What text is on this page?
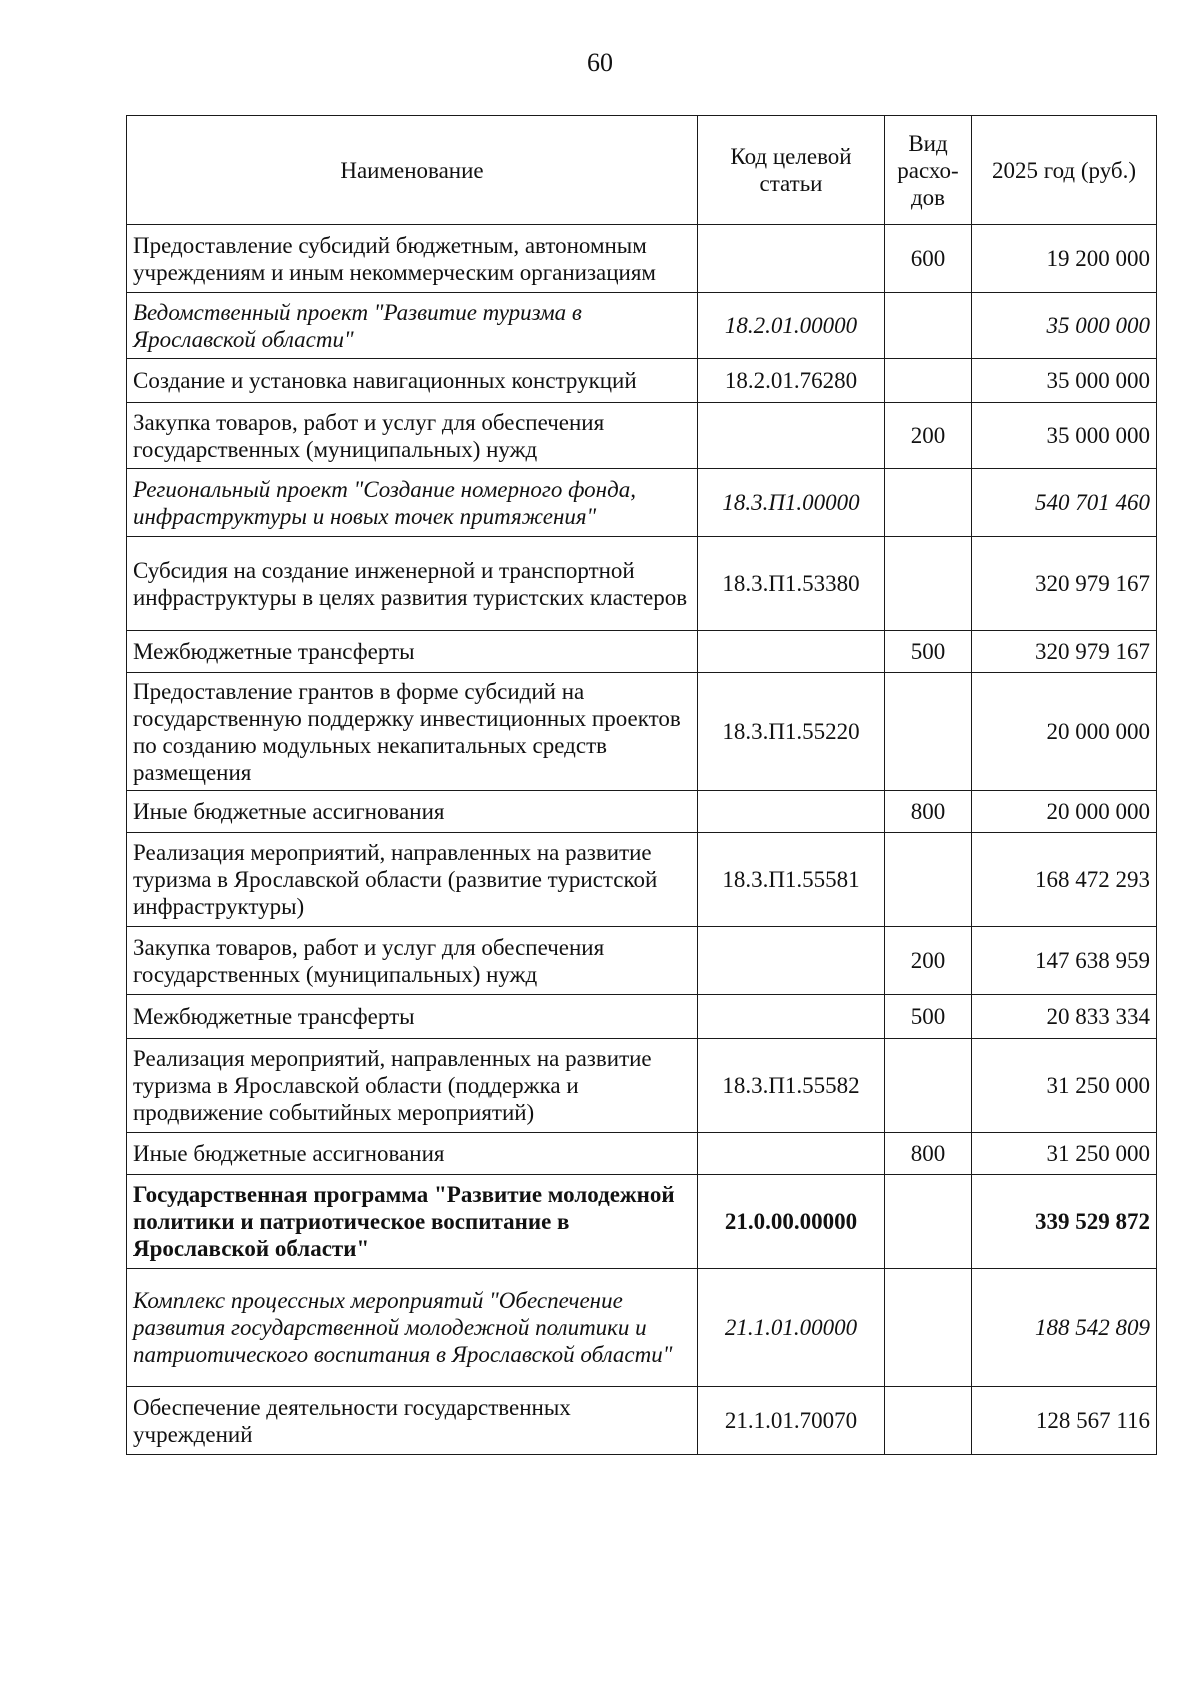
60
Наименование	Код целевой статьи	Вид расхо-дов	2025 год (руб.)
Предоставление субсидий бюджетным, автономным учреждениям и иным некоммерческим организациям		600	19 200 000
Ведомственный проект "Развитие туризма в Ярославской области"	18.2.01.00000		35 000 000
Создание и установка навигационных конструкций	18.2.01.76280		35 000 000
Закупка товаров, работ и услуг для обеспечения государственных (муниципальных) нужд		200	35 000 000
Региональный проект "Создание номерного фонда, инфраструктуры и новых точек притяжения"	18.3.П1.00000		540 701 460
Субсидия на создание инженерной и транспортной инфраструктуры в целях развития туристских кластеров	18.3.П1.53380		320 979 167
Межбюджетные трансферты		500	320 979 167
Предоставление грантов в форме субсидий на государственную поддержку инвестиционных проектов по созданию модульных некапитальных средств размещения	18.3.П1.55220		20 000 000
Иные бюджетные ассигнования		800	20 000 000
Реализация мероприятий, направленных на развитие туризма в Ярославской области (развитие туристской инфраструктуры)	18.3.П1.55581		168 472 293
Закупка товаров, работ и услуг для обеспечения государственных (муниципальных) нужд		200	147 638 959
Межбюджетные трансферты		500	20 833 334
Реализация мероприятий, направленных на развитие туризма в Ярославской области (поддержка и продвижение событийных мероприятий)	18.3.П1.55582		31 250 000
Иные бюджетные ассигнования		800	31 250 000
Государственная программа "Развитие молодежной политики и патриотическое воспитание в Ярославской области"	21.0.00.00000		339 529 872
Комплекс процессных мероприятий "Обеспечение развития государственной молодежной политики и патриотического воспитания в Ярославской области"	21.1.01.00000		188 542 809
Обеспечение деятельности государственных учреждений	21.1.01.70070		128 567 116
